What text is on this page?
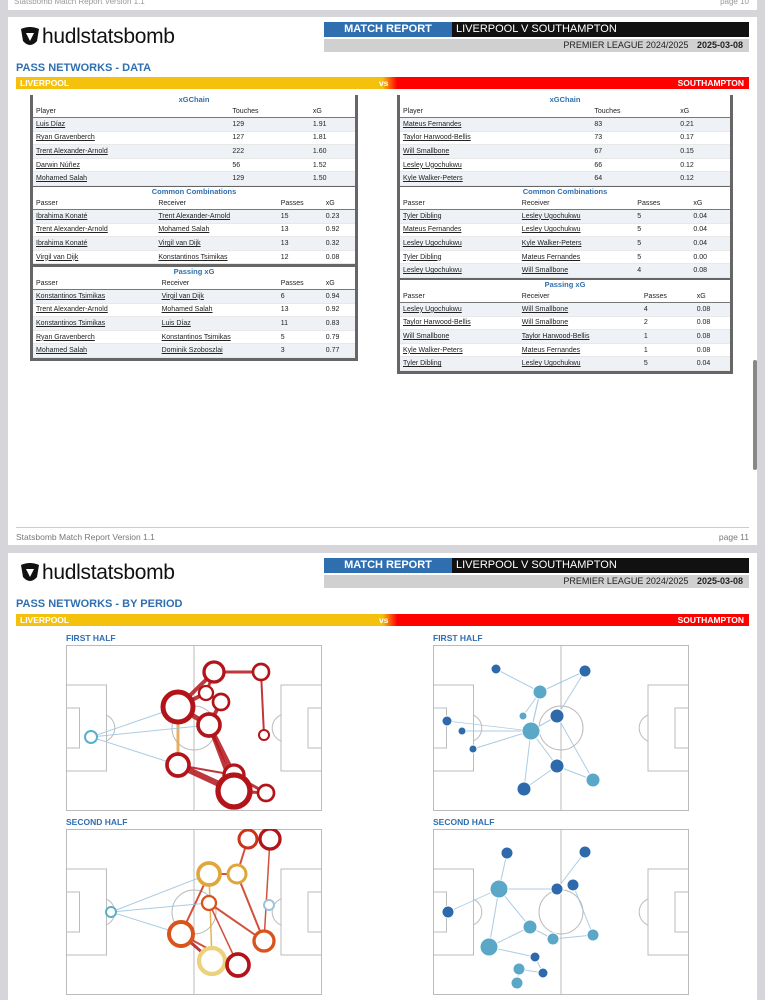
Statsbomb Match Report Version 1.1	page 10
hudlstatsbomb	MATCH REPORT	LIVERPOOL V SOUTHAMPTON
PREMIER LEAGUE 2024/2025 2025-03-08
PASS NETWORKS - DATA
LIVERPOOL	vs	SOUTHAMPTON
xGChain
Player	Touches	xG
Luis Díaz	129	1.91
Ryan Gravenberch	127	1.81
Trent Alexander-Arnold	222	1.60
Darwin Núñez	56	1.52
Mohamed Salah	129	1.50
Common Combinations
Passer	Receiver	Passes	xG
Ibrahima Konaté	Trent Alexander-Arnold	15	0.23
Trent Alexander-Arnold	Mohamed Salah	13	0.92
Ibrahima Konaté	Virgil van Dijk	13	0.32
Virgil van Dijk	Konstantinos Tsimikas	12	0.08
Passing xG
Passer	Receiver	Passes	xG
Konstantinos Tsimikas	Virgil van Dijk	6	0.94
Trent Alexander-Arnold	Mohamed Salah	13	0.92
Konstantinos Tsimikas	Luis Díaz	11	0.83
Ryan Gravenberch	Konstantinos Tsimikas	5	0.79
Mohamed Salah	Dominik Szoboszlai	3	0.77
xGChain
Player	Touches	xG
Mateus Fernandes	83	0.21
Taylor Harwood-Bellis	73	0.17
Will Smallbone	67	0.15
Lesley Ugochukwu	66	0.12
Kyle Walker-Peters	64	0.12
Common Combinations
Passer	Receiver	Passes	xG
Tyler Dibling	Lesley Ugochukwu	5	0.04
Mateus Fernandes	Lesley Ugochukwu	5	0.04
Lesley Ugochukwu	Kyle Walker-Peters	5	0.04
Tyler Dibling	Mateus Fernandes	5	0.00
Lesley Ugochukwu	Will Smallbone	4	0.08
Passing xG
Passer	Receiver	Passes	xG
Lesley Ugochukwu	Will Smallbone	4	0.08
Taylor Harwood-Bellis	Will Smallbone	2	0.08
Will Smallbone	Taylor Harwood-Bellis	1	0.08
Kyle Walker-Peters	Mateus Fernandes	1	0.08
Tyler Dibling	Lesley Ugochukwu	5	0.04
Statsbomb Match Report Version 1.1	page 11
hudlstatsbomb	MATCH REPORT	LIVERPOOL V SOUTHAMPTON
PREMIER LEAGUE 2024/2025 2025-03-08
PASS NETWORKS - BY PERIOD
LIVERPOOL	vs	SOUTHAMPTON
FIRST HALF	FIRST HALF
SECOND HALF	SECOND HALF
